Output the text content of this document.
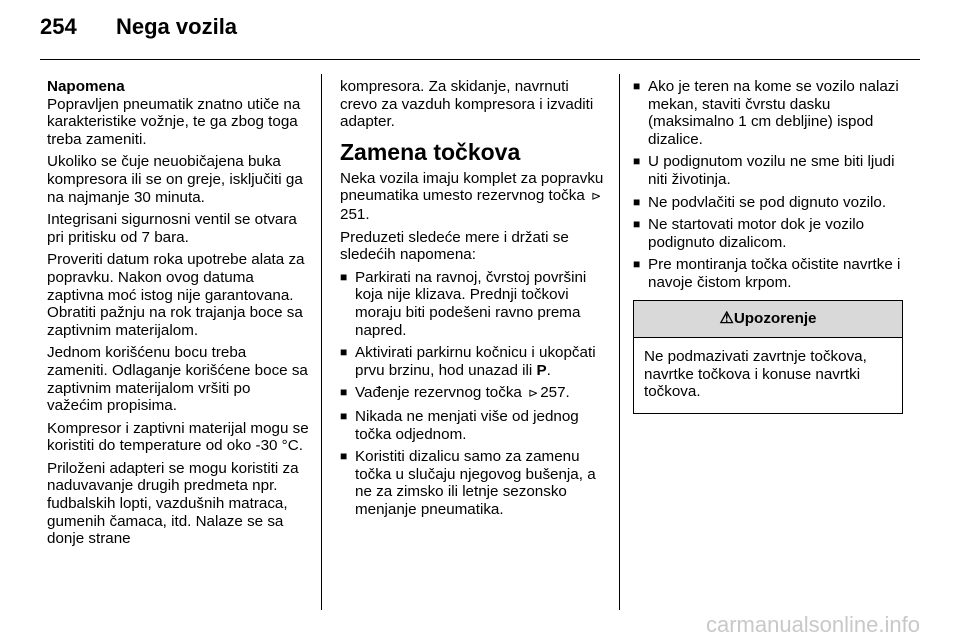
254	Nega vozila
Napomena

Popravljen pneumatik znatno utiče na karakteristike vožnje, te ga zbog toga treba zameniti.

Ukoliko se čuje neuobičajena buka kompresora ili se on greje, isključiti ga na najmanje 30 minuta.

Integrisani sigurnosni ventil se otvara pri pritisku od 7 bara.

Proveriti datum roka upotrebe alata za popravku. Nakon ovog datuma zaptivna moć istog nije garantovana. Obratiti pažnju na rok trajanja boce sa zaptivnim materijalom.

Jednom korišćenu bocu treba zameniti. Odlaganje korišćene boce sa zaptivnim materijalom vršiti po važećim propisima.

Kompresor i zaptivni materijal mogu se koristiti do temperature od oko -30 °C.

Priloženi adapteri se mogu koristiti za naduvavanje drugih predmeta npr. fudbalskih lopti, vazdušnih matraca, gumenih čamaca, itd. Nalaze se sa donje strane

kompresora. Za skidanje, navrnuti crevo za vazduh kompresora i izvaditi adapter.

Zamena točkova

Neka vozila imaju komplet za popravku pneumatika umesto rezervnog točka ⊳251.

Preduzeti sledeće mere i držati se sledećih napomena:

■ Parkirati na ravnoj, čvrstoj površini koja nije klizava. Prednji točkovi moraju biti podešeni ravno prema napred.
■ Aktivirati parkirnu kočnicu i ukopčati prvu brzinu, hod unazad ili P.
■ Vađenje rezervnog točka ⊳ 257.
■ Nikada ne menjati više od jednog točka odjednom.
■ Koristiti dizalicu samo za zamenu točka u slučaju njegovog bušenja, a ne za zimsko ili letnje sezonsko menjanje pneumatika.
■ Ako je teren na kome se vozilo nalazi mekan, staviti čvrstu dasku (maksimalno 1 cm debljine) ispod dizalice.
■ U podignutom vozilu ne sme biti ljudi niti životinja.
■ Ne podvlačiti se pod dignuto vozilo.
■ Ne startovati motor dok je vozilo podignuto dizalicom.
■ Pre montiranja točka očistite navrtke i navoje čistom krpom.
⚠Upozorenje
Ne podmazivati zavrtnje točkova, navrtke točkova i konuse navrtki točkova.
carmanualsonline.info
